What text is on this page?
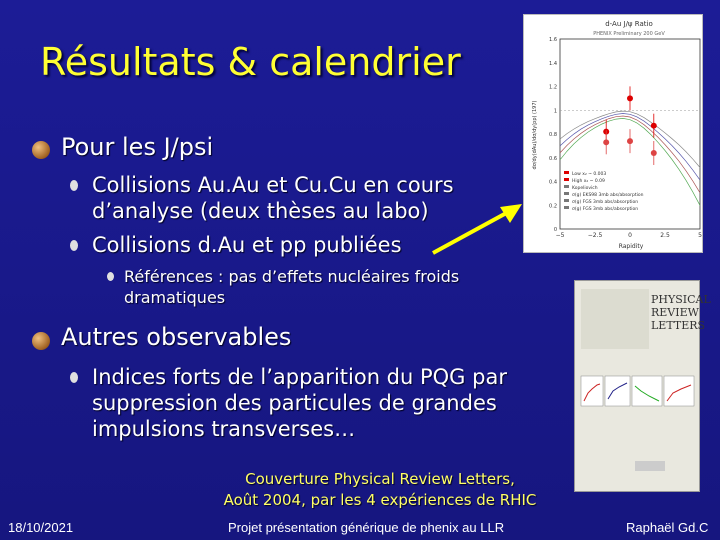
Résultats & calendrier
Pour les J/psi
Collisions Au.Au et Cu.Cu en cours d’analyse (deux thèses au labo)
Collisions d.Au et pp publiées
Références : pas d’effets nucléaires froids dramatiques
Autres observables
Indices forts de l’apparition du PQG par suppression des particules de grandes impulsions transverses…
Couverture Physical Review Letters,
Août 2004, par les 4 expériences de RHIC
d-Au J/ψ Ratio
PHENIX Preliminary 200 GeV
dσ/dy(dAu)/dσ/dy(pp) (197)
Rapidity
−5	−2.5	0	2.5	5
1.6
1.4
1.2
1
0.8
0.6
0.4
0.2
0
Low x₂ ~ 0.003
High x₂ ~ 0.09
Kopeliovich
σ(g) EKS98 3mb abs/absorption
σ(g) FGS 3mb abs/absorption
σ(g) FGS 3mb abs/absorption
PHYSICAL
REVIEW
LETTERS
18/10/2021	Projet présentation générique de phenix au LLR	Raphaël Gd.C
